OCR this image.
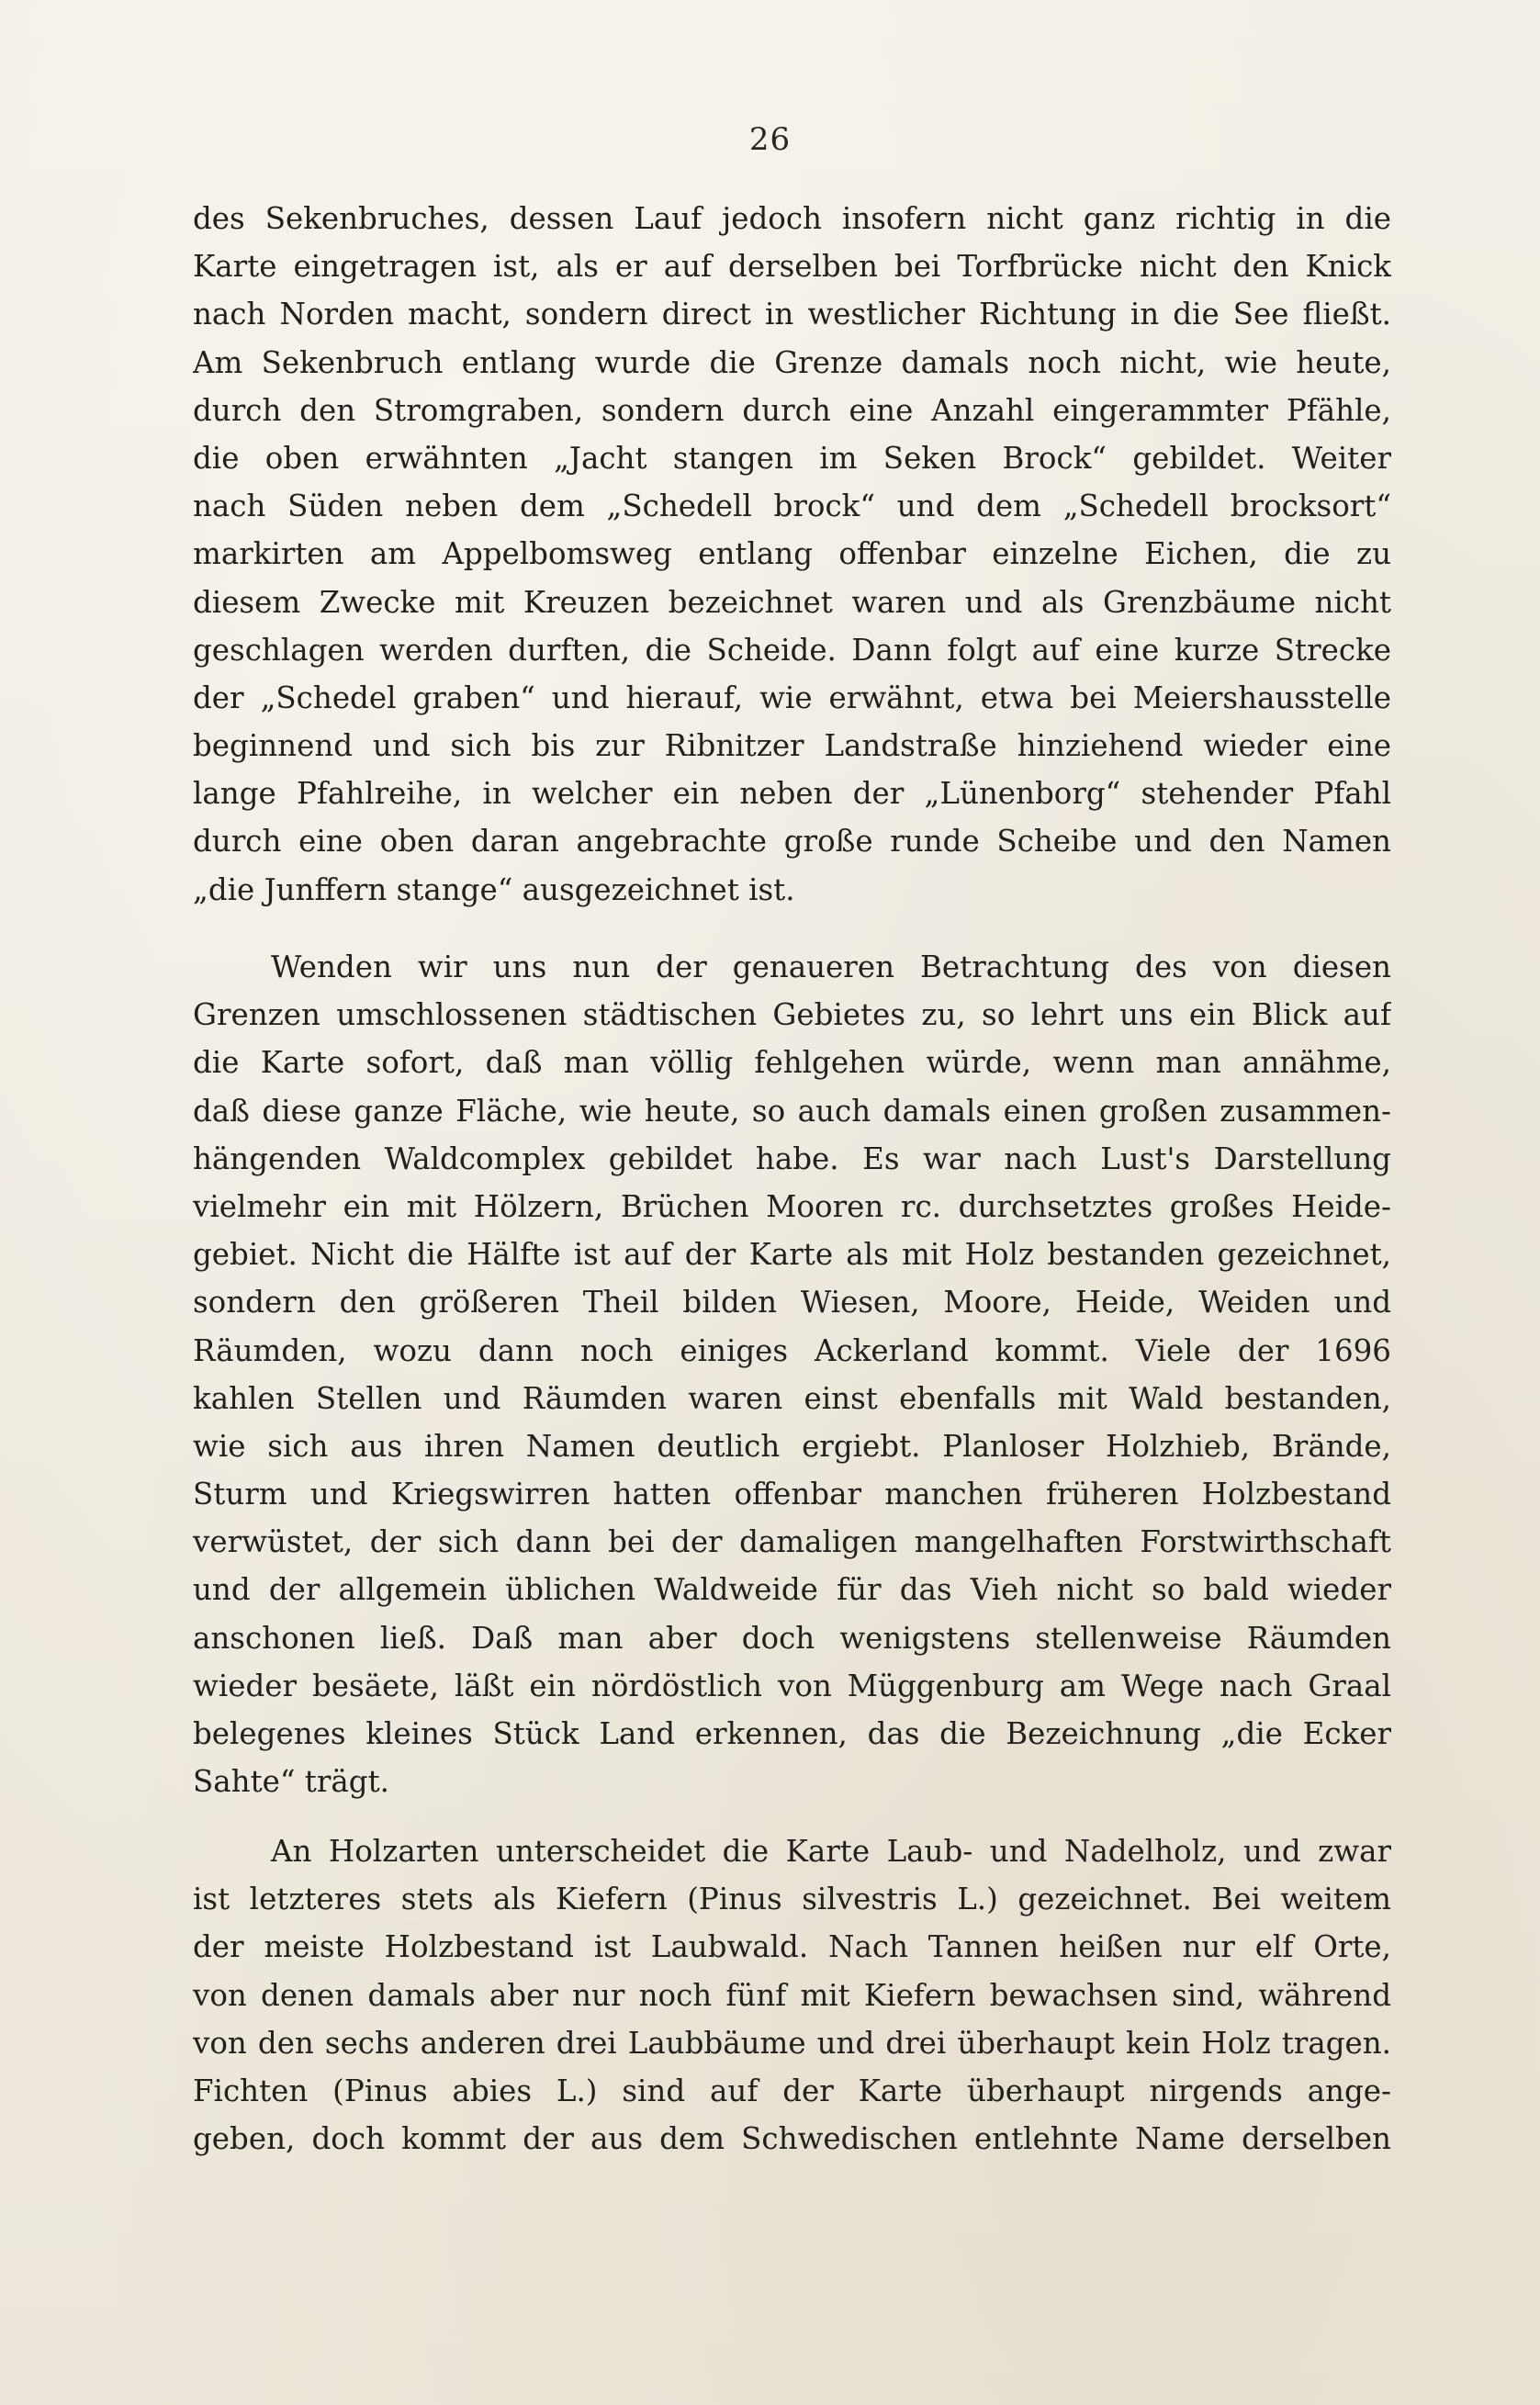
26
des Sekenbruches, dessen Lauf jedoch insofern nicht ganz richtig in die
Karte eingetragen ist, als er auf derselben bei Torfbrücke nicht den Knick
nach Norden macht, sondern direct in westlicher Richtung in die See fließt.
Am Sekenbruch entlang wurde die Grenze damals noch nicht, wie heute,
durch den Stromgraben, sondern durch eine Anzahl eingerammter Pfähle,
die oben erwähnten „Jacht stangen im Seken Brock“ gebildet. Weiter
nach Süden neben dem „Schedell brock“ und dem „Schedell brocksort“
markirten am Appelbomsweg entlang offenbar einzelne Eichen, die zu
diesem Zwecke mit Kreuzen bezeichnet waren und als Grenzbäume nicht
geschlagen werden durften, die Scheide. Dann folgt auf eine kurze Strecke
der „Schedel graben“ und hierauf, wie erwähnt, etwa bei Meiershausstelle
beginnend und sich bis zur Ribnitzer Landstraße hinziehend wieder eine
lange Pfahlreihe, in welcher ein neben der „Lünenborg“ stehender Pfahl
durch eine oben daran angebrachte große runde Scheibe und den Namen
„die Junffern stange“ ausgezeichnet ist.
Wenden wir uns nun der genaueren Betrachtung des von diesen
Grenzen umschlossenen städtischen Gebietes zu, so lehrt uns ein Blick auf
die Karte sofort, daß man völlig fehlgehen würde, wenn man annähme,
daß diese ganze Fläche, wie heute, so auch damals einen großen zusammen-
hängenden Waldcomplex gebildet habe. Es war nach Lust's Darstellung
vielmehr ein mit Hölzern, Brüchen Mooren rc. durchsetztes großes Heide-
gebiet. Nicht die Hälfte ist auf der Karte als mit Holz bestanden gezeichnet,
sondern den größeren Theil bilden Wiesen, Moore, Heide, Weiden und
Räumden, wozu dann noch einiges Ackerland kommt. Viele der 1696
kahlen Stellen und Räumden waren einst ebenfalls mit Wald bestanden,
wie sich aus ihren Namen deutlich ergiebt. Planloser Holzhieb, Brände,
Sturm und Kriegswirren hatten offenbar manchen früheren Holzbestand
verwüstet, der sich dann bei der damaligen mangelhaften Forstwirthschaft
und der allgemein üblichen Waldweide für das Vieh nicht so bald wieder
anschonen ließ. Daß man aber doch wenigstens stellenweise Räumden
wieder besäete, läßt ein nördöstlich von Müggenburg am Wege nach Graal
belegenes kleines Stück Land erkennen, das die Bezeichnung „die Ecker
Sahte“ trägt.
An Holzarten unterscheidet die Karte Laub- und Nadelholz, und zwar
ist letzteres stets als Kiefern (Pinus silvestris L.) gezeichnet. Bei weitem
der meiste Holzbestand ist Laubwald. Nach Tannen heißen nur elf Orte,
von denen damals aber nur noch fünf mit Kiefern bewachsen sind, während
von den sechs anderen drei Laubbäume und drei überhaupt kein Holz tragen.
Fichten (Pinus abies L.) sind auf der Karte überhaupt nirgends ange-
geben, doch kommt der aus dem Schwedischen entlehnte Name derselben
